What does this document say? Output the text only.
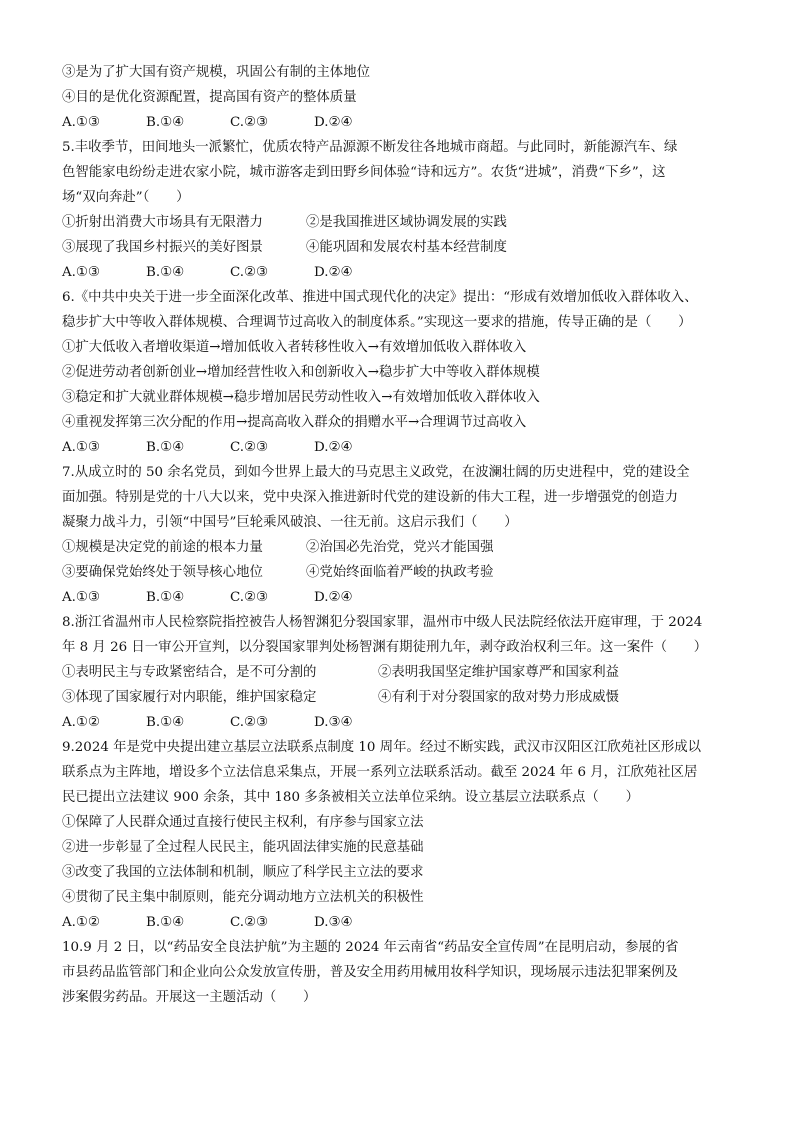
③是为了扩大国有资产规模，巩固公有制的主体地位
④目的是优化资源配置，提高国有资产的整体质量
A.①③	B.①④	C.②③	D.②④
5.丰收季节，田间地头一派繁忙，优质农特产品源源不断发往各地城市商超。与此同时，新能源汽车、绿
色智能家电纷纷走进农家小院，城市游客走到田野乡间体验“诗和远方”。农货“进城”，消费“下乡”，这
场“双向奔赴”（　　）
①折射出消费大市场具有无限潜力	②是我国推进区域协调发展的实践
③展现了我国乡村振兴的美好图景	④能巩固和发展农村基本经营制度
A.①③	B.①④	C.②③	D.②④
6.《中共中央关于进一步全面深化改革、推进中国式现代化的决定》提出：“形成有效增加低收入群体收入、
稳步扩大中等收入群体规模、合理调节过高收入的制度体系。”实现这一要求的措施，传导正确的是（　　）
①扩大低收入者增收渠道→增加低收入者转移性收入→有效增加低收入群体收入
②促进劳动者创新创业→增加经营性收入和创新收入→稳步扩大中等收入群体规模
③稳定和扩大就业群体规模→稳步增加居民劳动性收入→有效增加低收入群体收入
④重视发挥第三次分配的作用→提高高收入群众的捐赠水平→合理调节过高收入
A.①③	B.①④	C.②③	D.②④
7.从成立时的 50 余名党员，到如今世界上最大的马克思主义政党，在波澜壮阔的历史进程中，党的建设全
面加强。特别是党的十八大以来，党中央深入推进新时代党的建设新的伟大工程，进一步增强党的创造力
凝聚力战斗力，引领“中国号”巨轮乘风破浪、一往无前。这启示我们（　　）
①规模是决定党的前途的根本力量	②治国必先治党，党兴才能国强
③要确保党始终处于领导核心地位	④党始终面临着严峻的执政考验
A.①③	B.①④	C.②③	D.②④
8.浙江省温州市人民检察院指控被告人杨智渊犯分裂国家罪，温州市中级人民法院经依法开庭审理，于 2024
年 8 月 26 日一审公开宣判，以分裂国家罪判处杨智渊有期徒刑九年，剥夺政治权利三年。这一案件（　　）
①表明民主与专政紧密结合，是不可分割的	②表明我国坚定维护国家尊严和国家利益
③体现了国家履行对内职能，维护国家稳定	④有利于对分裂国家的敌对势力形成威慑
A.①②	B.①④	C.②③	D.③④
9.2024 年是党中央提出建立基层立法联系点制度 10 周年。经过不断实践，武汉市汉阳区江欣苑社区形成以
联系点为主阵地，增设多个立法信息采集点，开展一系列立法联系活动。截至 2024 年 6 月，江欣苑社区居
民已提出立法建议 900 余条，其中 180 多条被相关立法单位采纳。设立基层立法联系点（　　）
①保障了人民群众通过直接行使民主权利，有序参与国家立法
②进一步彰显了全过程人民民主，能巩固法律实施的民意基础
③改变了我国的立法体制和机制，顺应了科学民主立法的要求
④贯彻了民主集中制原则，能充分调动地方立法机关的积极性
A.①②	B.①④	C.②③	D.③④
10.9 月 2 日，以“药品安全良法护航”为主题的 2024 年云南省“药品安全宣传周”在昆明启动，参展的省
市县药品监管部门和企业向公众发放宣传册，普及安全用药用械用妆科学知识，现场展示违法犯罪案例及
涉案假劣药品。开展这一主题活动（　　）
